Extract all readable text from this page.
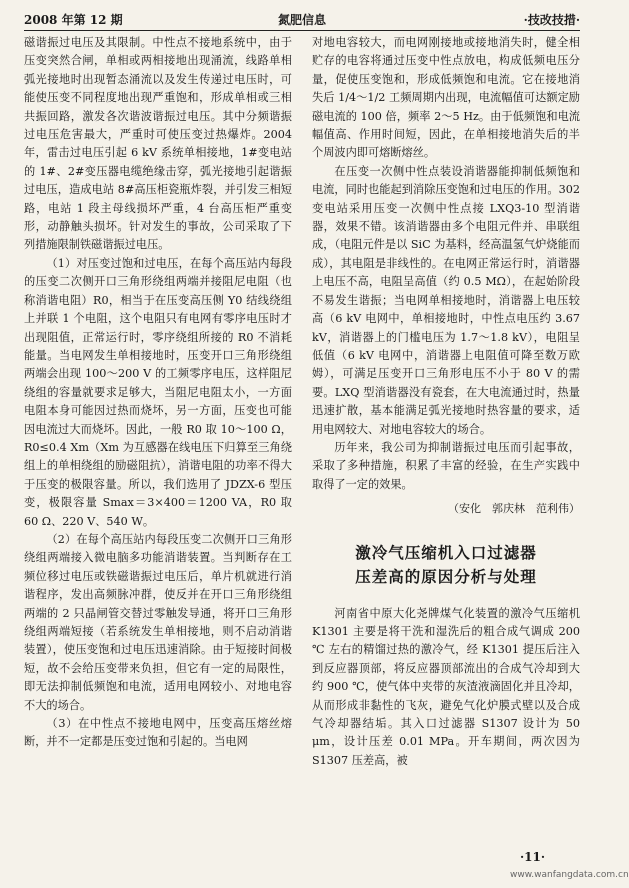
2008 年第 12 期	氮肥信息	·技改技措·

磁谐振过电压及其限制。中性点不接地系统中，由于压变突然合闸，单相或两相接地出现涌流，线路单相弧光接地时出现暂态涌流以及发生传递过电压时，可能使压变不同程度地出现严重饱和，形成单相或三相共振回路，激发各次谐波谐振过电压。其中分频谐振过电压危害最大，严重时可使压变过热爆炸。2004 年，雷击过电压引起 6 kV 系统单相接地，1#变电站的 1#、2#变压器电缆绝缘击穿，弧光接地引起谐振过电压，造成电站 8#高压柜瓷瓶炸裂，并引发三相短路，电站 1 段主母线损坏严重，4 台高压柜严重变形，动静触头损坏。针对发生的事故，公司采取了下列措施限制铁磁谐振过电压。

（1）对压变过饱和过电压，在每个高压站内每段的压变二次侧开口三角形绕组两端并接阻尼电阻（也称消谐电阻）R0，相当于在压变高压侧 Y0 结线绕组上并联 1 个电阻，这个电阻只有电网有零序电压时才出现阻值，正常运行时，零序绕组所接的 R0 不消耗能量。当电网发生单相接地时，压变开口三角形绕组两端会出现 100～200 V 的工频零序电压，这样阻尼绕组的容量就要求足够大，当阻尼电阻太小，一方面电阻本身可能因过热而烧坏，另一方面，压变也可能因电流过大而烧坏。因此，一般 R0 取 10～100 Ω，R0≤0.4 Xm（Xm 为互感器在线电压下归算至三角绕组上的单相绕组的励磁阻抗），消谐电阻的功率不得大于压变的极限容量。所以，我们选用了 JDZX-6 型压变，极限容量 Smax＝3×400＝1200 VA，R0 取 60 Ω、220 V、540 W。

（2）在每个高压站内每段压变二次侧开口三角形绕组两端接入微电脑多功能消谐装置。当判断存在工频位移过电压或铁磁谐振过电压后，单片机就进行消谐程序，发出高频脉冲群，使反并在开口三角形绕组两端的 2 只晶闸管交替过零触发导通，将开口三角形绕组两端短接（若系统发生单相接地，则不启动消谐装置），使压变饱和过电压迅速消除。由于短接时间极短，故不会给压变带来负担，但它有一定的局限性，即无法抑制低频饱和电流，适用电网较小、对地电容不大的场合。

（3）在中性点不接地电网中，压变高压熔丝熔断，并不一定都是压变过饱和引起的。当电网

对地电容较大，而电网刚接地或接地消失时，健全相贮存的电容将通过压变中性点放电，构成低频电压分量，促使压变饱和，形成低频饱和电流。它在接地消失后 1/4～1/2 工频周期内出现，电流幅值可达额定励磁电流的 100 倍，频率 2～5 Hz。由于低频饱和电流幅值高、作用时间短，因此，在单相接地消失后的半个周波内即可熔断熔丝。

在压变一次侧中性点装设消谐器能抑制低频饱和电流，同时也能起到消除压变饱和过电压的作用。302 变电站采用压变一次侧中性点接 LXQ3-10 型消谐器，效果不错。该消谐器由多个电阻元件并、串联组成，（电阻元件是以 SiC 为基料，经高温氢气炉烧能而成），其电阻是非线性的。在电网正常运行时，消谐器上电压不高，电阻呈高值（约 0.5 MΩ），在起始阶段不易发生谐振；当电网单相接地时，消谐器上电压较高（6 kV 电网中，单相接地时，中性点电压约 3.67 kV，消谐器上的门槛电压为 1.7～1.8 kV），电阻呈低值（6 kV 电网中，消谐器上电阻值可降至数万欧姆），可满足压变开口三角形电压不小于 80 V 的需要。LXQ 型消谐器没有瓷套，在大电流通过时，热量迅速扩散，基本能满足弧光接地时热容量的要求，适用电网较大、对地电容较大的场合。

历年来，我公司为抑制谐振过电压而引起事故，采取了多种措施，积累了丰富的经验，在生产实践中取得了一定的效果。

（安化　郭庆林　范利伟）
激冷气压缩机入口过滤器
压差高的原因分析与处理

河南省中原大化尧牌煤气化装置的激冷气压缩机 K1301 主要是将干洗和湿洗后的粗合成气调成 200 ℃ 左右的精馏过热的激冷气，经 K1301 提压后注入到反应器顶部，将反应器顶部流出的合成气冷却到大约 900 ℃，使气体中夹带的灰渣液滴固化并且冷却，从而形成非黏性的飞灰，避免气化炉膜式壁以及合成气冷却器结垢。其入口过滤器 S1307 设计为 50 μm，设计压差 0.01 MPa。开车期间，两次因为 S1307 压差高，被

·11·
www.wanfangdata.com.cn
